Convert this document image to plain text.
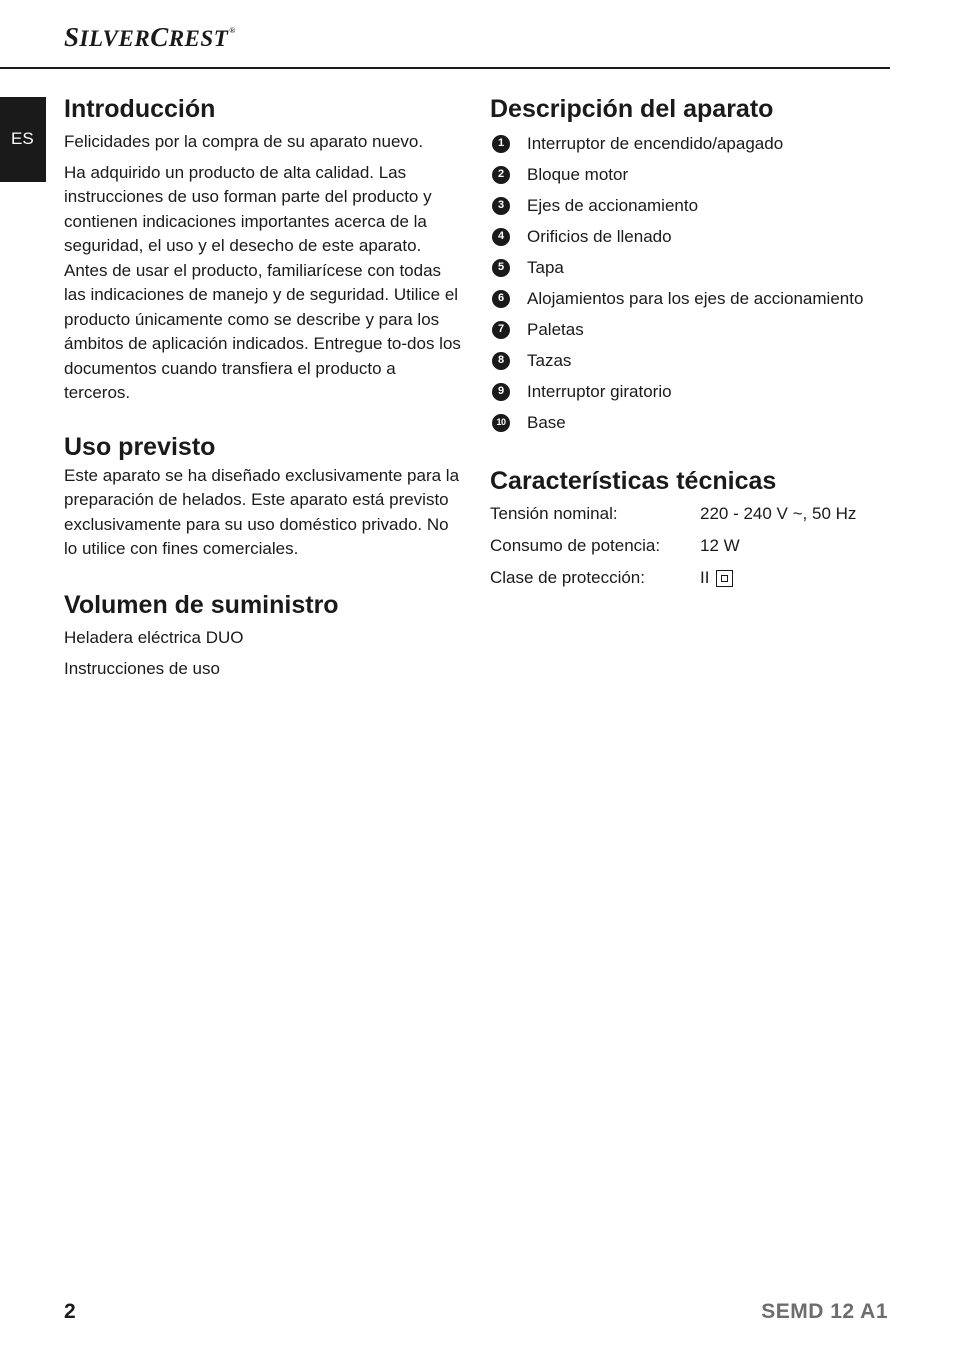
SILVERCREST®
ES
Introducción

Felicidades por la compra de su aparato nuevo.

Ha adquirido un producto de alta calidad. Las instrucciones de uso forman parte del producto y contienen indicaciones importantes acerca de la seguridad, el uso y el desecho de este aparato. Antes de usar el producto, familiarícese con todas las indicaciones de manejo y de seguridad. Utilice el producto únicamente como se describe y para los ámbitos de aplicación indicados. Entregue to-dos los documentos cuando transfiera el producto a terceros.

Uso previsto

Este aparato se ha diseñado exclusivamente para la preparación de helados. Este aparato está previsto exclusivamente para su uso doméstico privado. No lo utilice con fines comerciales.

Volumen de suministro
Heladera eléctrica DUO
Instrucciones de uso
Descripción del aparato
1	Interruptor de encendido/apagado
2	Bloque motor
3	Ejes de accionamiento
4	Orificios de llenado
5	Tapa
6	Alojamientos para los ejes de accionamiento
7	Paletas
8	Tazas
9	Interruptor giratorio
10 Base
Características técnicas
Tensión nominal:	220 - 240 V ~, 50 Hz
Consumo de potencia:	12 W
Clase de protección:	II
2	SEMD 12 A1
